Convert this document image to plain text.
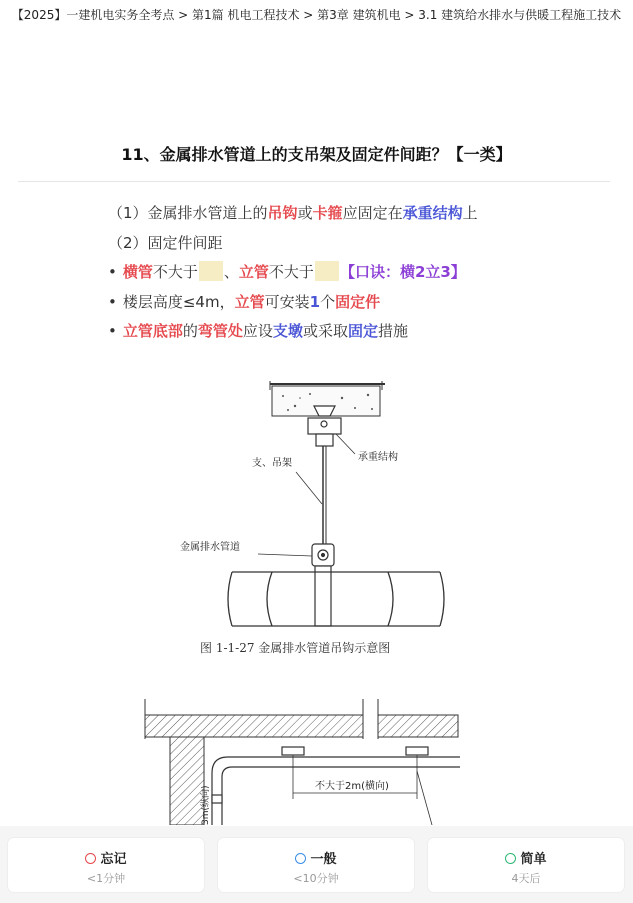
【2025】一建机电实务全考点 > 第1篇 机电工程技术 > 第3章 建筑机电 > 3.1 建筑给水排水与供暖工程施工技术
11、金属排水管道上的支吊架及固定件间距？【一类】
（1）金属排水管道上的吊钩或卡箍应固定在承重结构上
（2）固定件间距
• 横管不大于 、立管不大于 【口诀：横2立3】
• 楼层高度≤4m，立管可安装1个固定件
• 立管底部的弯管处应设支墩或采取固定措施
支、吊架
承重结构
金属排水管道
图 1-1-27 金属排水管道吊钩示意图
不大于2m(横向)
3m(纵向)
忘记
<1分钟
一般
<10分钟
简单
4天后
